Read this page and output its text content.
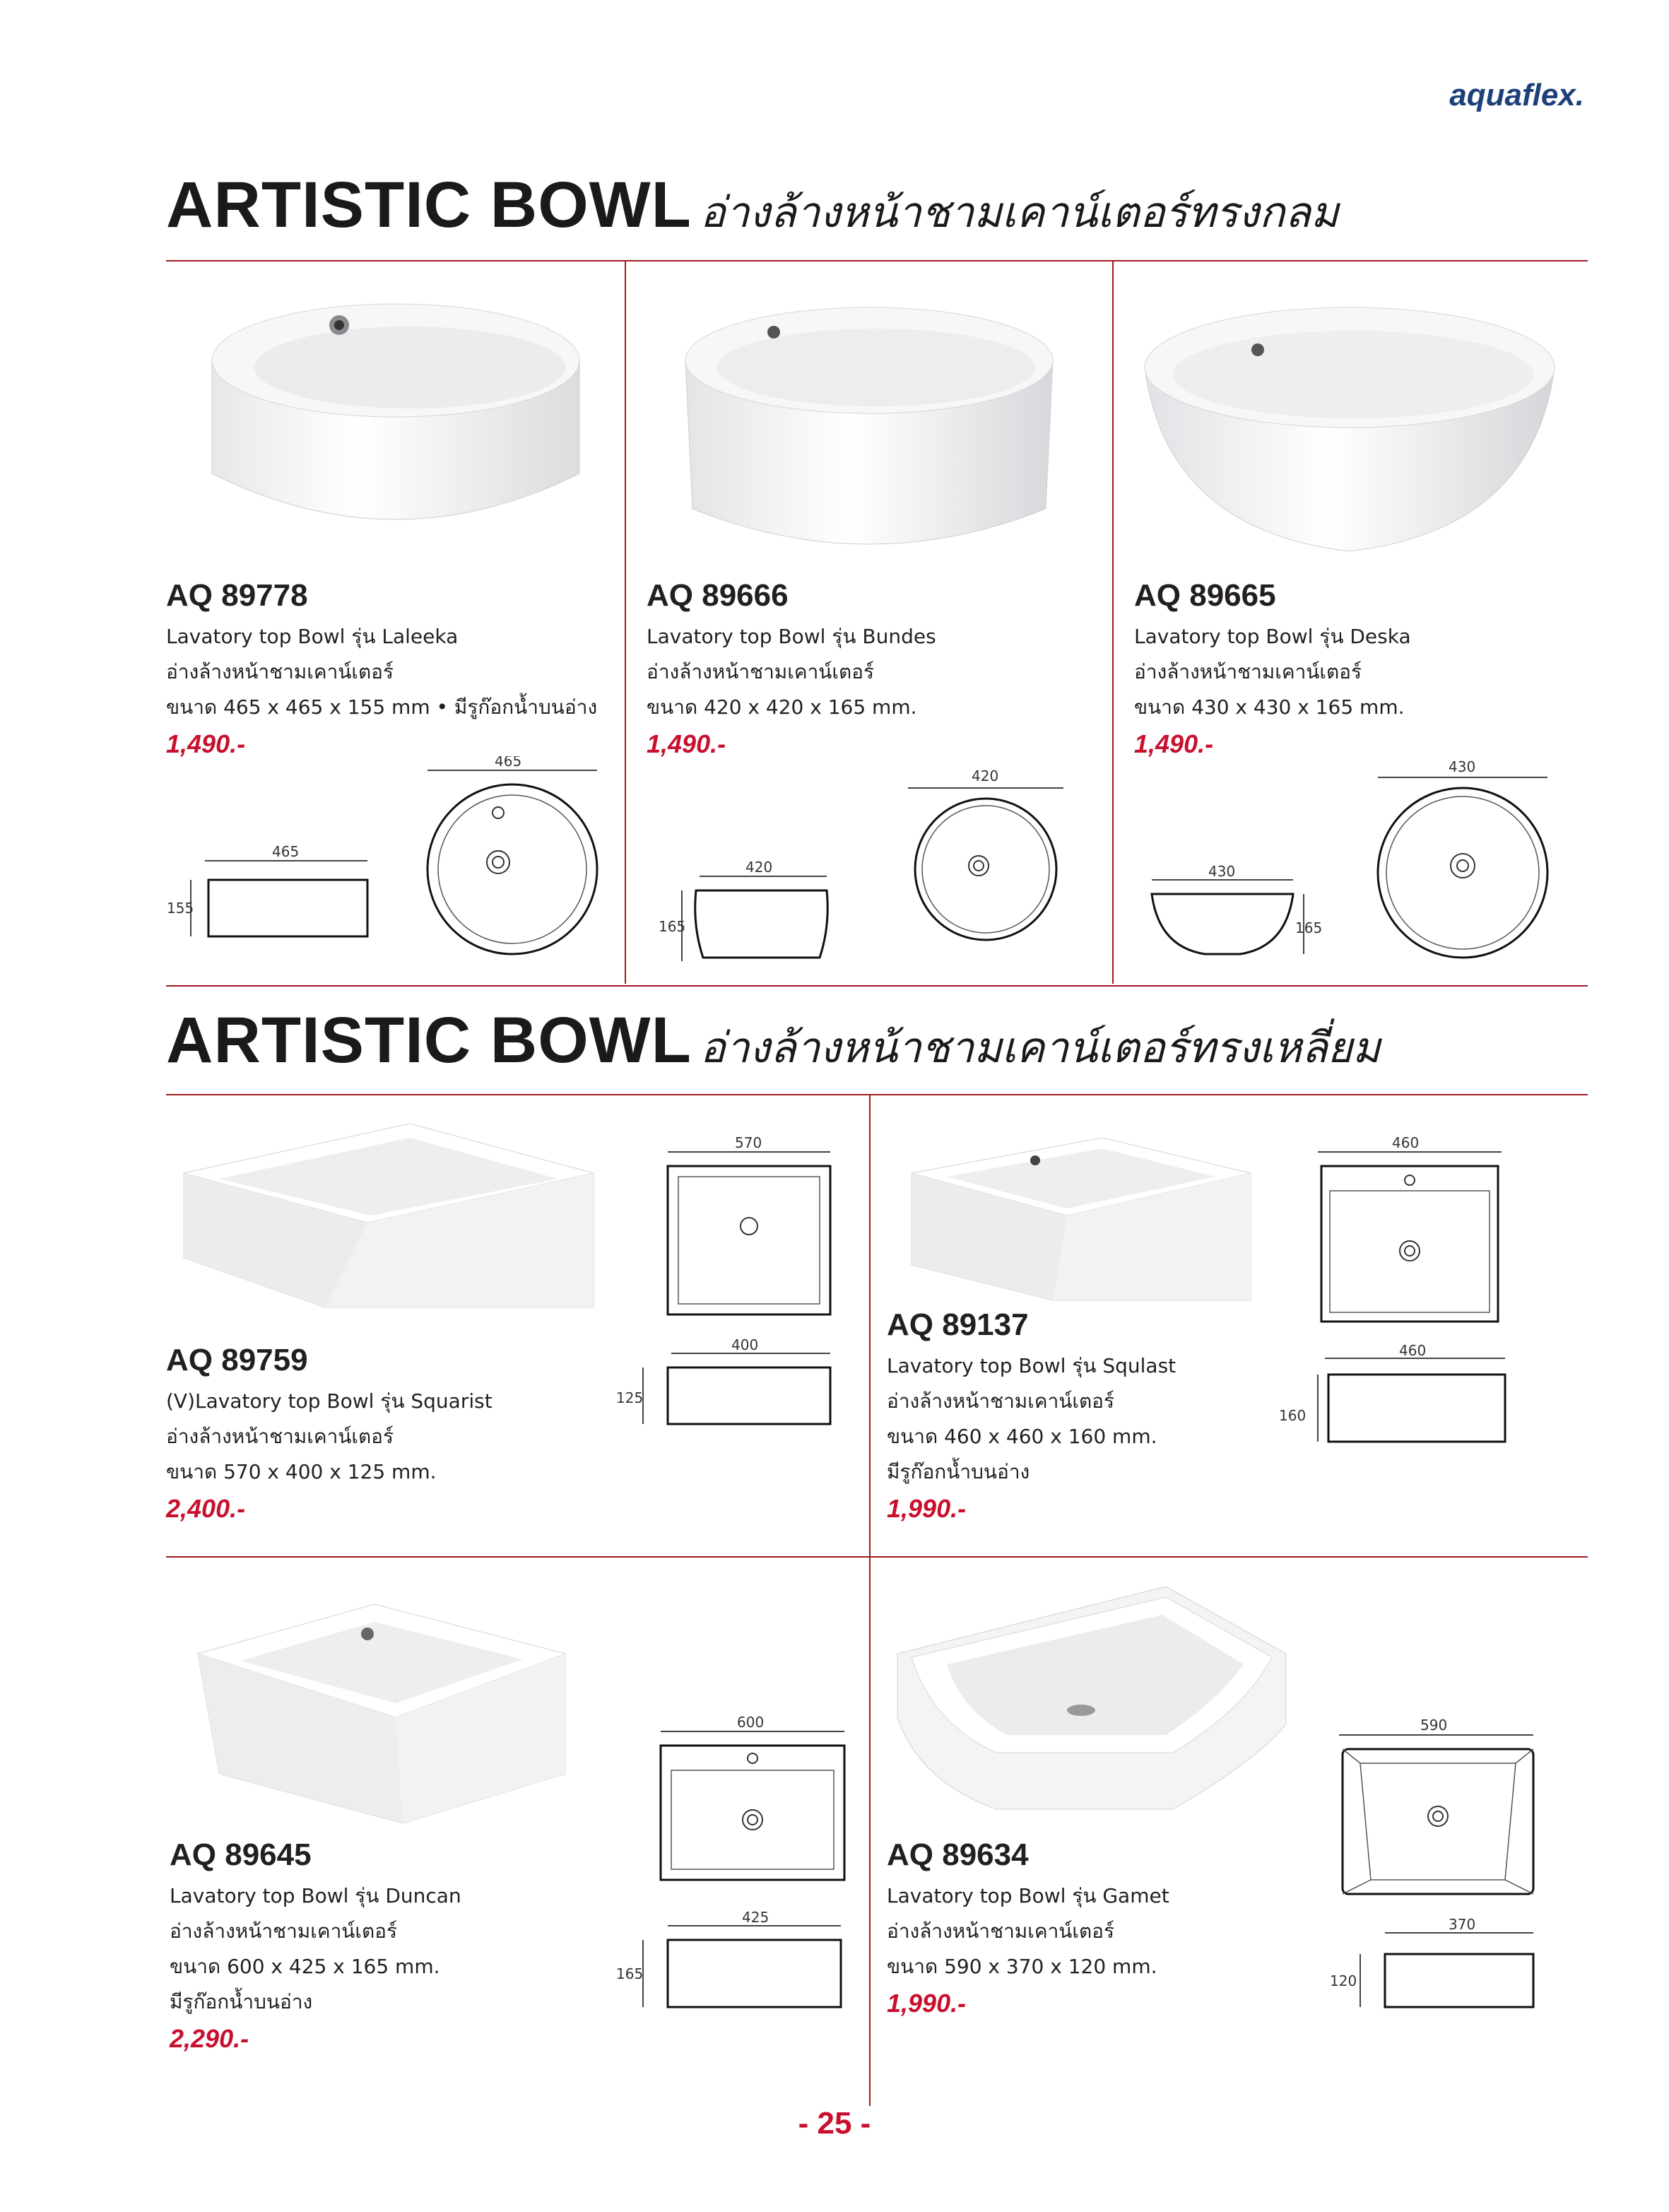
aquaflex.
ARTISTIC BOWL อ่างล้างหน้าชามเคาน์เตอร์ทรงกลม
AQ 89778
Lavatory top Bowl รุ่น Laleeka
อ่างล้างหน้าชามเคาน์เตอร์
ขนาด 465 x 465 x 155 mm • มีรูก๊อกน้ำบนอ่าง
1,490.-
AQ 89666
Lavatory top Bowl รุ่น Bundes
อ่างล้างหน้าชามเคาน์เตอร์
ขนาด 420 x 420 x 165 mm.
1,490.-
AQ 89665
Lavatory top Bowl รุ่น Deska
อ่างล้างหน้าชามเคาน์เตอร์
ขนาด 430 x 430 x 165 mm.
1,490.-
465
155
465
420
165
420
430
165
430
ARTISTIC BOWL อ่างล้างหน้าชามเคาน์เตอร์ทรงเหลี่ยม
570
400
125
AQ 89759
(V)Lavatory top Bowl รุ่น Squarist
อ่างล้างหน้าชามเคาน์เตอร์
ขนาด 570 x 400 x 125 mm.
2,400.-
460
460
160
AQ 89137
Lavatory top Bowl รุ่น Squlast
อ่างล้างหน้าชามเคาน์เตอร์
ขนาด 460 x 460 x 160 mm.
มีรูก๊อกน้ำบนอ่าง
1,990.-
600
425
165
AQ 89645
Lavatory top Bowl รุ่น Duncan
อ่างล้างหน้าชามเคาน์เตอร์
ขนาด 600 x 425 x 165 mm.
มีรูก๊อกน้ำบนอ่าง
2,290.-
590
370
120
AQ 89634
Lavatory top Bowl รุ่น Gamet
อ่างล้างหน้าชามเคาน์เตอร์
ขนาด 590 x 370 x 120 mm.
1,990.-
- 25 -
